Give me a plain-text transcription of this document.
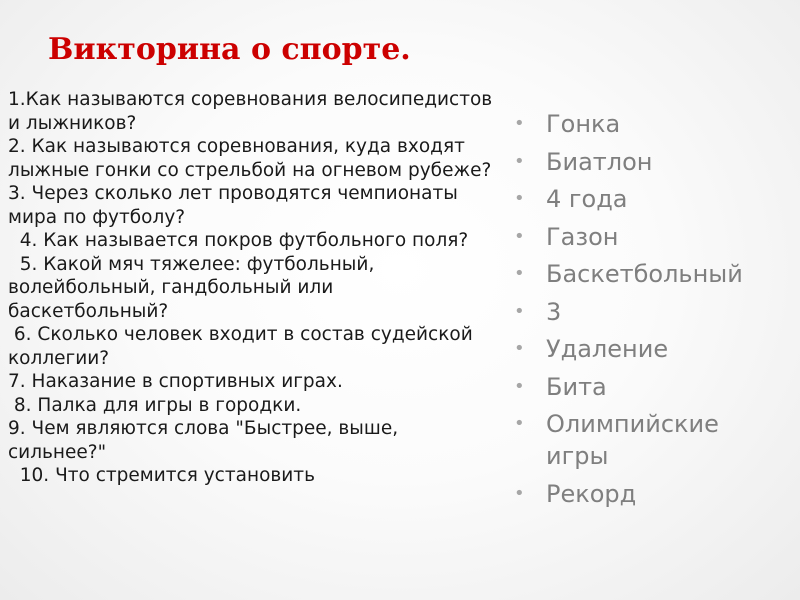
Викторина о спорте.
1.Как называются соревнования велосипедистов и лыжников?
2. Как называются соревнования, куда входят лыжные гонки со стрельбой на огневом рубеже?
3. Через сколько лет проводятся чемпионаты мира по футболу?
4. Как называется покров футбольного поля?
5. Какой мяч тяжелее: футбольный, волейбольный, гандбольный или баскетбольный?
6. Сколько человек входит в состав судейской коллегии?
7. Наказание в спортивных играх.
8. Палка для игры в городки.
9. Чем являются слова "Быстрее, выше, сильнее?"
10. Что стремится установить
• Гонка
• Биатлон
• 4 года
• Газон
• Баскетбольный
• 3
• Удаление
• Бита
• Олимпийские игры
• Рекорд
